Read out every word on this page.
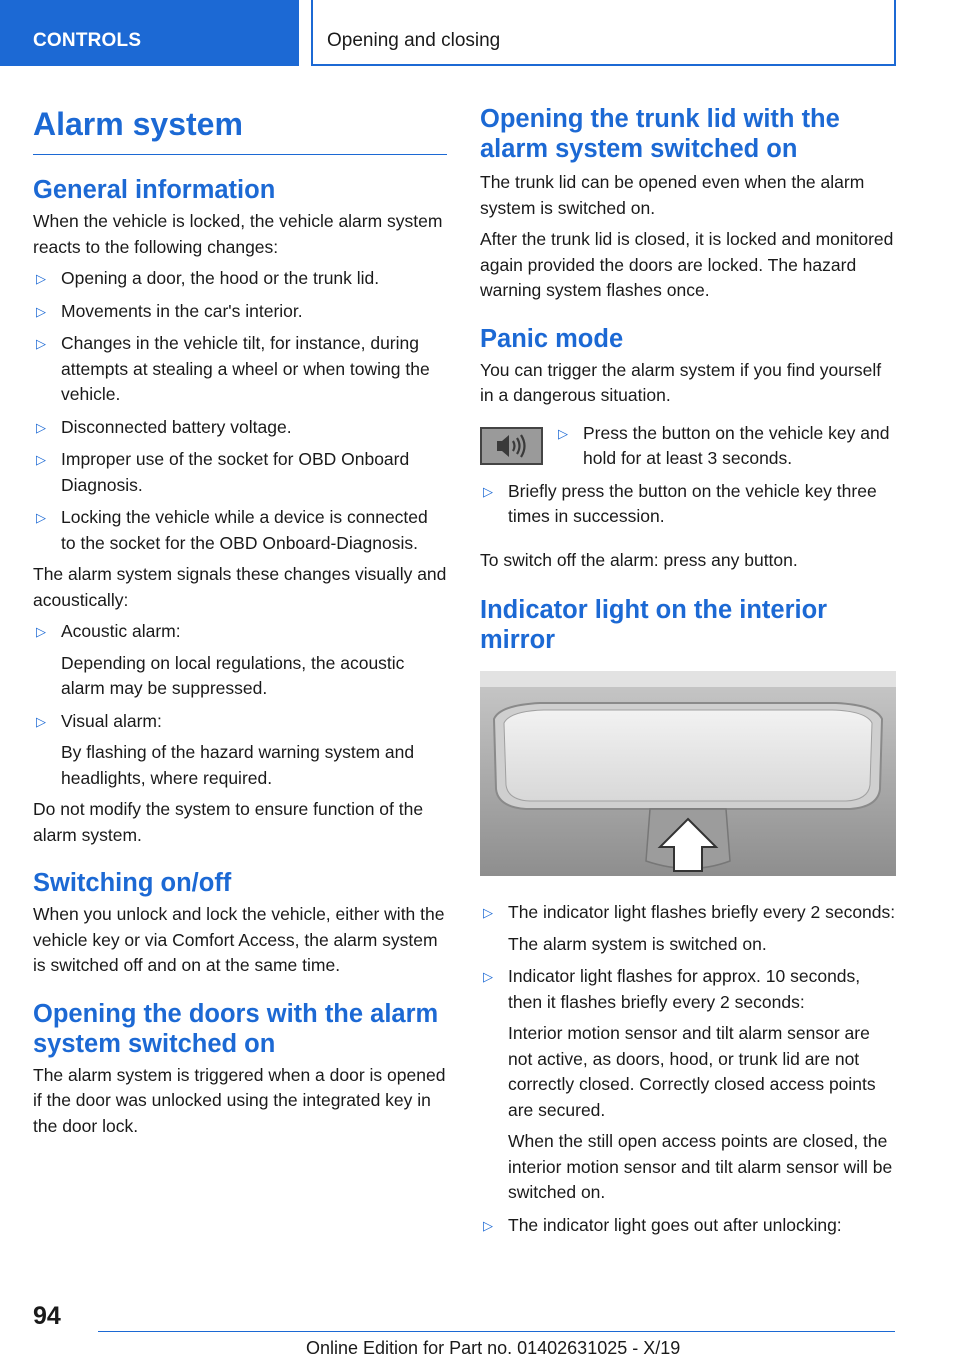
CONTROLS	Opening and closing
Alarm system
General information

When the vehicle is locked, the vehicle alarm system reacts to the following changes:

▷ Opening a door, the hood or the trunk lid.
▷ Movements in the car's interior.
▷ Changes in the vehicle tilt, for instance, during attempts at stealing a wheel or when towing the vehicle.
▷ Disconnected battery voltage.
▷ Improper use of the socket for OBD Onboard Diagnosis.
▷ Locking the vehicle while a device is connected to the socket for the OBD Onboard-Diagnosis.

The alarm system signals these changes visually and acoustically:

▷ Acoustic alarm:
Depending on local regulations, the acoustic alarm may be suppressed.
▷ Visual alarm:
By flashing of the hazard warning system and headlights, where required.

Do not modify the system to ensure function of the alarm system.

Switching on/off

When you unlock and lock the vehicle, either with the vehicle key or via Comfort Access, the alarm system is switched off and on at the same time.

Opening the doors with the alarm system switched on

The alarm system is triggered when a door is opened if the door was unlocked using the integrated key in the door lock.

Opening the trunk lid with the alarm system switched on

The trunk lid can be opened even when the alarm system is switched on.

After the trunk lid is closed, it is locked and monitored again provided the doors are locked. The hazard warning system flashes once.

Panic mode

You can trigger the alarm system if you find yourself in a dangerous situation.

▷ Press the button on the vehicle key and hold for at least 3 seconds.
▷ Briefly press the button on the vehicle key three times in succession.

To switch off the alarm: press any button.

Indicator light on the interior mirror
▷ The indicator light flashes briefly every 2 seconds:
The alarm system is switched on.
▷ Indicator light flashes for approx. 10 seconds, then it flashes briefly every 2 seconds:
Interior motion sensor and tilt alarm sensor are not active, as doors, hood, or trunk lid are not correctly closed. Correctly closed access points are secured.
When the still open access points are closed, the interior motion sensor and tilt alarm sensor will be switched on.
▷ The indicator light goes out after unlocking:
94
Online Edition for Part no. 01402631025 - X/19
